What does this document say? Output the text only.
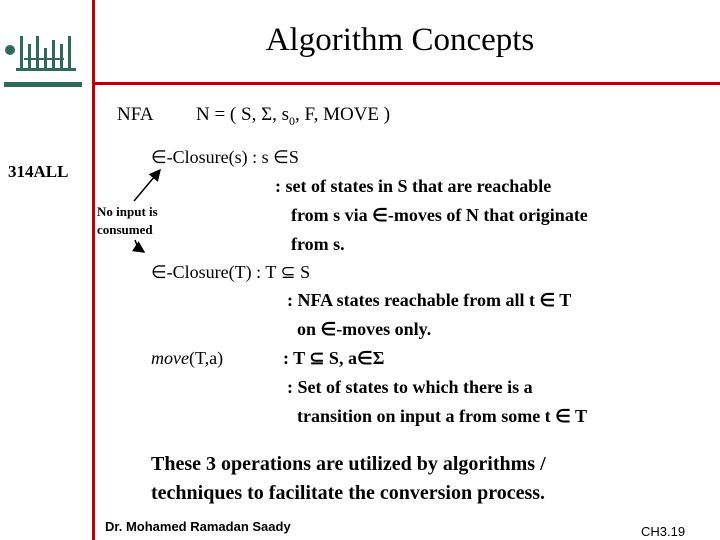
Algorithm Concepts
314ALL
NFA N = ( S, Σ, $s_0$, F, MOVE )
∈-Closure(s) : s ∈S
: set of states in S that are reachable
from s via ∈-moves of N that originate
from s.
No input is
consumed
∈-Closure(T) : T ⊆ S
: NFA states reachable from all t ∈ T
on ∈-moves only.
move(T,a)	: T ⊆ S, a∈Σ
: Set of states to which there is a
transition on input a from some t ∈ T
These 3 operations are utilized by algorithms /
techniques to facilitate the conversion process.
Dr. Mohamed Ramadan Saady	CH3.19
